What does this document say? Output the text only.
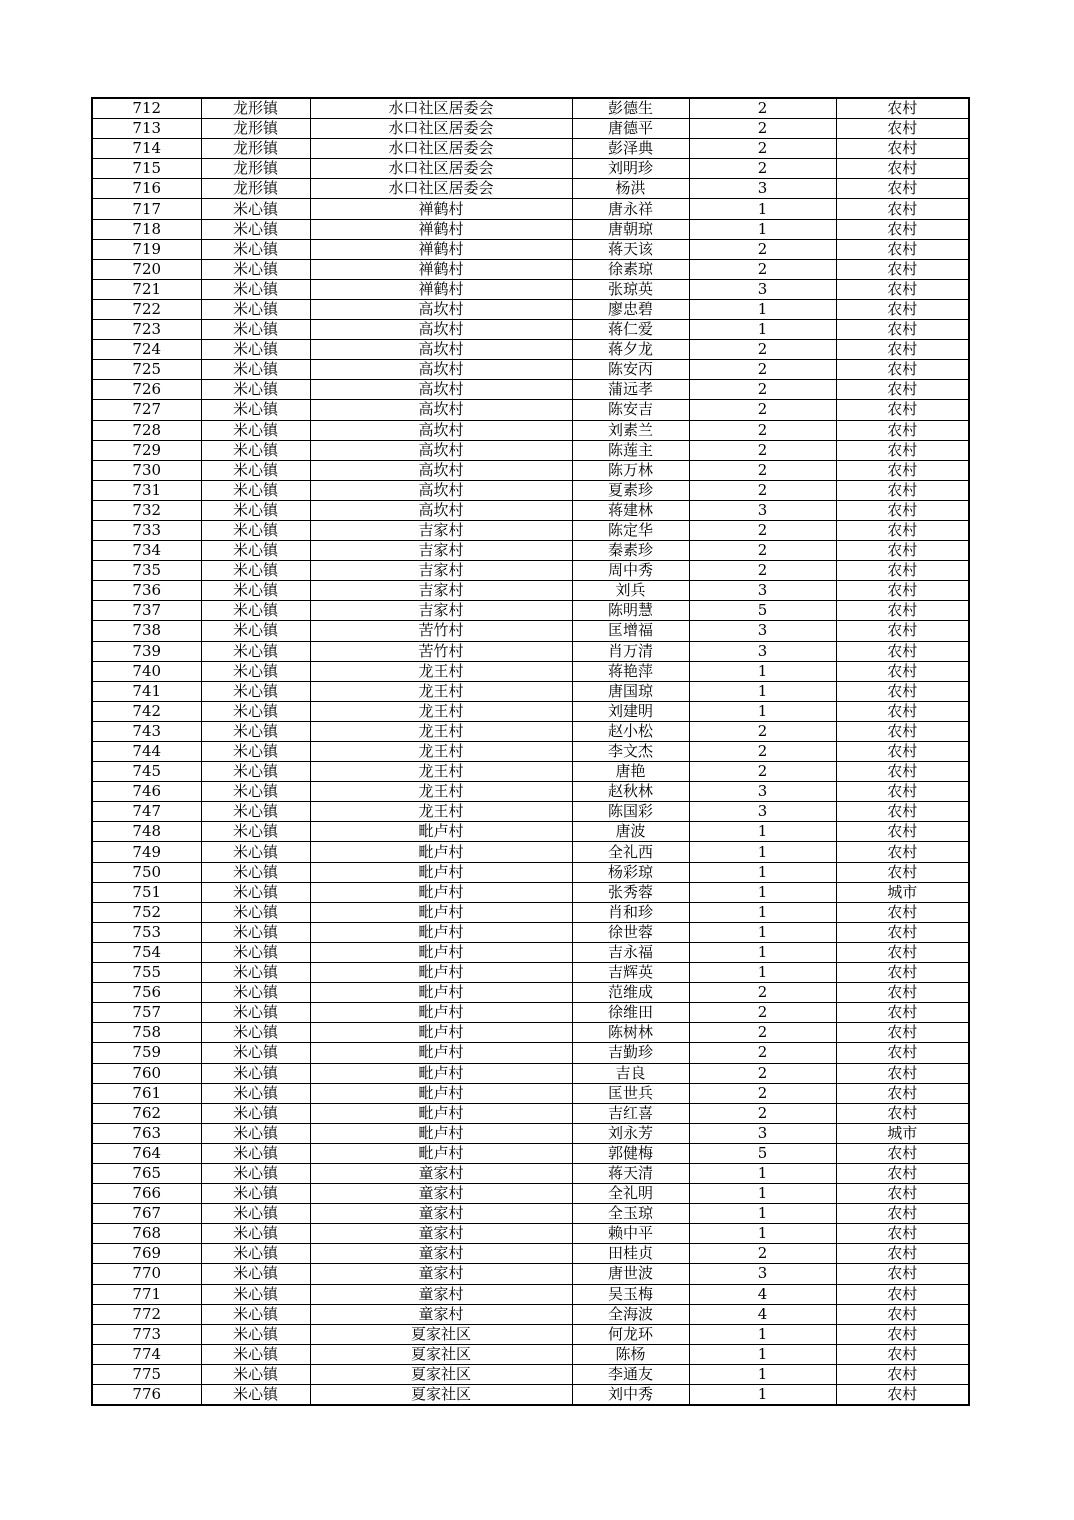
712	龙形镇	水口社区居委会	彭德生	2	农村
713	龙形镇	水口社区居委会	唐德平	2	农村
714	龙形镇	水口社区居委会	彭泽典	2	农村
715	龙形镇	水口社区居委会	刘明珍	2	农村
716	龙形镇	水口社区居委会	杨洪	3	农村
717	米心镇	禅鹤村	唐永祥	1	农村
718	米心镇	禅鹤村	唐朝琼	1	农村
719	米心镇	禅鹤村	蒋天该	2	农村
720	米心镇	禅鹤村	徐素琼	2	农村
721	米心镇	禅鹤村	张琼英	3	农村
722	米心镇	高坎村	廖忠碧	1	农村
723	米心镇	高坎村	蒋仁爱	1	农村
724	米心镇	高坎村	蒋夕龙	2	农村
725	米心镇	高坎村	陈安丙	2	农村
726	米心镇	高坎村	蒲远孝	2	农村
727	米心镇	高坎村	陈安吉	2	农村
728	米心镇	高坎村	刘素兰	2	农村
729	米心镇	高坎村	陈莲主	2	农村
730	米心镇	高坎村	陈万林	2	农村
731	米心镇	高坎村	夏素珍	2	农村
732	米心镇	高坎村	蒋建林	3	农村
733	米心镇	吉家村	陈定华	2	农村
734	米心镇	吉家村	秦素珍	2	农村
735	米心镇	吉家村	周中秀	2	农村
736	米心镇	吉家村	刘兵	3	农村
737	米心镇	吉家村	陈明慧	5	农村
738	米心镇	苦竹村	匡增福	3	农村
739	米心镇	苦竹村	肖万清	3	农村
740	米心镇	龙王村	蒋艳萍	1	农村
741	米心镇	龙王村	唐国琼	1	农村
742	米心镇	龙王村	刘建明	1	农村
743	米心镇	龙王村	赵小松	2	农村
744	米心镇	龙王村	李文杰	2	农村
745	米心镇	龙王村	唐艳	2	农村
746	米心镇	龙王村	赵秋林	3	农村
747	米心镇	龙王村	陈国彩	3	农村
748	米心镇	毗卢村	唐波	1	农村
749	米心镇	毗卢村	全礼西	1	农村
750	米心镇	毗卢村	杨彩琼	1	农村
751	米心镇	毗卢村	张秀蓉	1	城市
752	米心镇	毗卢村	肖和珍	1	农村
753	米心镇	毗卢村	徐世蓉	1	农村
754	米心镇	毗卢村	吉永福	1	农村
755	米心镇	毗卢村	吉辉英	1	农村
756	米心镇	毗卢村	范维成	2	农村
757	米心镇	毗卢村	徐维田	2	农村
758	米心镇	毗卢村	陈树林	2	农村
759	米心镇	毗卢村	吉勤珍	2	农村
760	米心镇	毗卢村	吉良	2	农村
761	米心镇	毗卢村	匡世兵	2	农村
762	米心镇	毗卢村	吉红喜	2	农村
763	米心镇	毗卢村	刘永芳	3	城市
764	米心镇	毗卢村	郭健梅	5	农村
765	米心镇	童家村	蒋天清	1	农村
766	米心镇	童家村	全礼明	1	农村
767	米心镇	童家村	全玉琼	1	农村
768	米心镇	童家村	赖中平	1	农村
769	米心镇	童家村	田桂贞	2	农村
770	米心镇	童家村	唐世波	3	农村
771	米心镇	童家村	吴玉梅	4	农村
772	米心镇	童家村	全海波	4	农村
773	米心镇	夏家社区	何龙环	1	农村
774	米心镇	夏家社区	陈杨	1	农村
775	米心镇	夏家社区	李通友	1	农村
776	米心镇	夏家社区	刘中秀	1	农村
